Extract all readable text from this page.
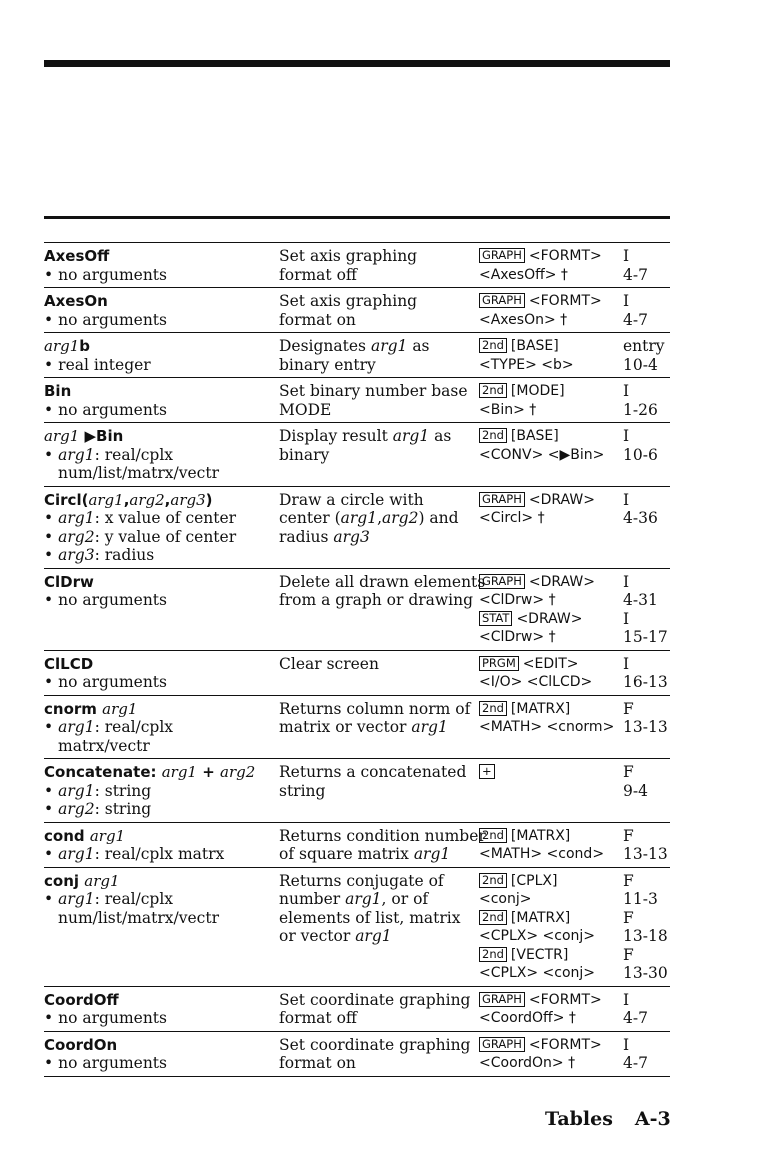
AxesOff
• no arguments
Set axis graphing
format off
GRAPH <FORMT>
<AxesOff> †
I
4-7
AxesOn
• no arguments
Set axis graphing
format on
GRAPH <FORMT>
<AxesOn> †
I
4-7
arg1b
• real integer
Designates arg1 as
binary entry
2nd [BASE]
<TYPE> <b>
entry
10-4
Bin
• no arguments
Set binary number base
MODE
2nd [MODE]
<Bin> †
I
1-26
arg1 ▶Bin
• arg1: real/cplx
num/list/matrx/vectr
Display result arg1 as
binary
2nd [BASE]
<CONV> <▶Bin>
I
10-6
Circl(arg1,arg2,arg3)
• arg1: x value of center
• arg2: y value of center
• arg3: radius
Draw a circle with
center (arg1,arg2) and
radius arg3
GRAPH <DRAW>
<Circl> †
I
4-36
ClDrw
• no arguments
Delete all drawn elements
from a graph or drawing
GRAPH <DRAW>
<ClDrw> †
STAT <DRAW>
<ClDrw> †
I
4-31
I
15-17
ClLCD
• no arguments
Clear screen	PRGM <EDIT>
<I/O> <ClLCD>
I
16-13
cnorm arg1
• arg1: real/cplx
matrx/vectr
Returns column norm of
matrix or vector arg1
2nd [MATRX]
<MATH> <cnorm>
F
13-13
Concatenate: arg1 + arg2
• arg1: string
• arg2: string
Returns a concatenated
string
+	F
9-4
cond arg1
• arg1: real/cplx matrx
Returns condition number
of square matrix arg1
2nd [MATRX]
<MATH> <cond>
F
13-13
conj arg1
• arg1: real/cplx
num/list/matrx/vectr
Returns conjugate of
number arg1, or of
elements of list, matrix
or vector arg1
2nd [CPLX]
<conj>
2nd [MATRX]
<CPLX> <conj>
2nd [VECTR]
<CPLX> <conj>
F
11-3
F
13-18
F
13-30
CoordOff
• no arguments
Set coordinate graphing
format off
GRAPH <FORMT>
<CoordOff> †
I
4-7
CoordOn
• no arguments
Set coordinate graphing
format on
GRAPH <FORMT>
<CoordOn> †
I
4-7
Tables A-3
